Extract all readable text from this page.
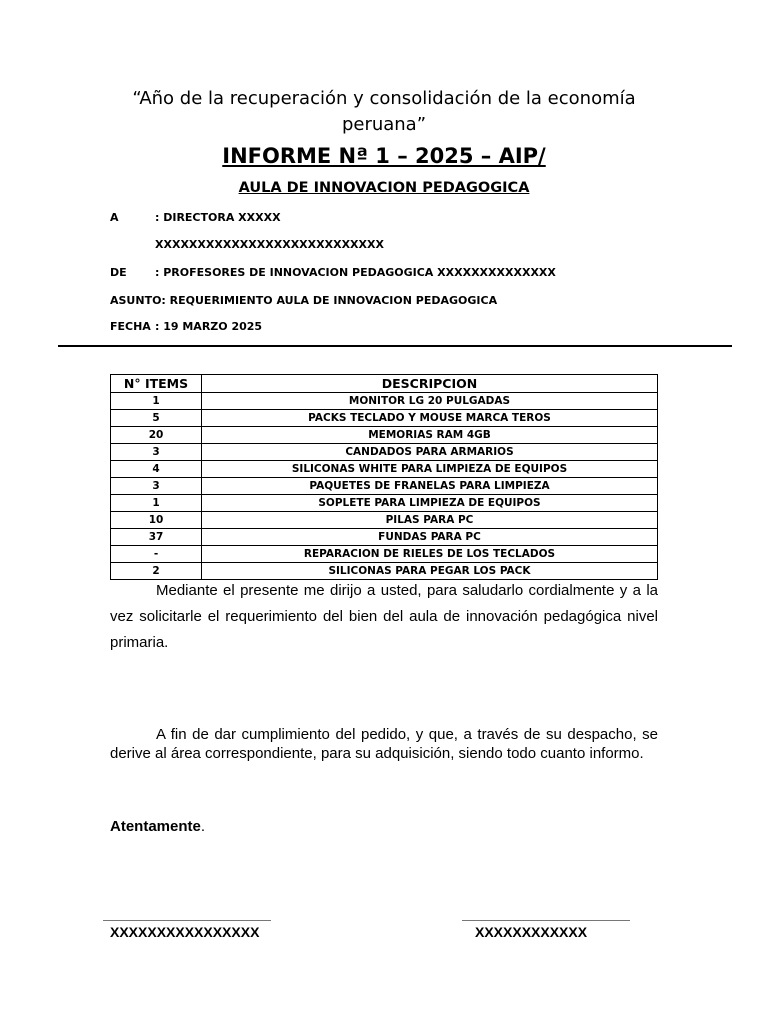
“Año de la recuperación y consolidación de la economía
peruana”
INFORME Nª 1 – 2025 – AIP/
AULA DE INNOVACION PEDAGOGICA
A	: DIRECTORA XXXXX
XXXXXXXXXXXXXXXXXXXXXXXXXXX
DE	: PROFESORES DE INNOVACION PEDAGOGICA XXXXXXXXXXXXXX
ASUNTO: REQUERIMIENTO AULA DE INNOVACION PEDAGOGICA
FECHA : 19 MARZO 2025
N° ITEMS	DESCRIPCION
1	MONITOR LG 20 PULGADAS
5	PACKS TECLADO Y MOUSE MARCA TEROS
20	MEMORIAS RAM 4GB
3	CANDADOS PARA ARMARIOS
4	SILICONAS WHITE PARA LIMPIEZA DE EQUIPOS
3	PAQUETES DE FRANELAS PARA LIMPIEZA
1	SOPLETE PARA LIMPIEZA DE EQUIPOS
10	PILAS PARA PC
37	FUNDAS PARA PC
-	REPARACION DE RIELES DE LOS TECLADOS
2	SILICONAS PARA PEGAR LOS PACK
Mediante el presente me dirijo a usted, para saludarlo cordialmente y a la vez solicitarle el requerimiento del bien del aula de innovación pedagógica nivel primaria.
A fin de dar cumplimiento del pedido, y que, a través de su despacho, se derive al área correspondiente, para su adquisición, siendo todo cuanto informo.
Atentamente.
XXXXXXXXXXXXXXXX	XXXXXXXXXXXX
